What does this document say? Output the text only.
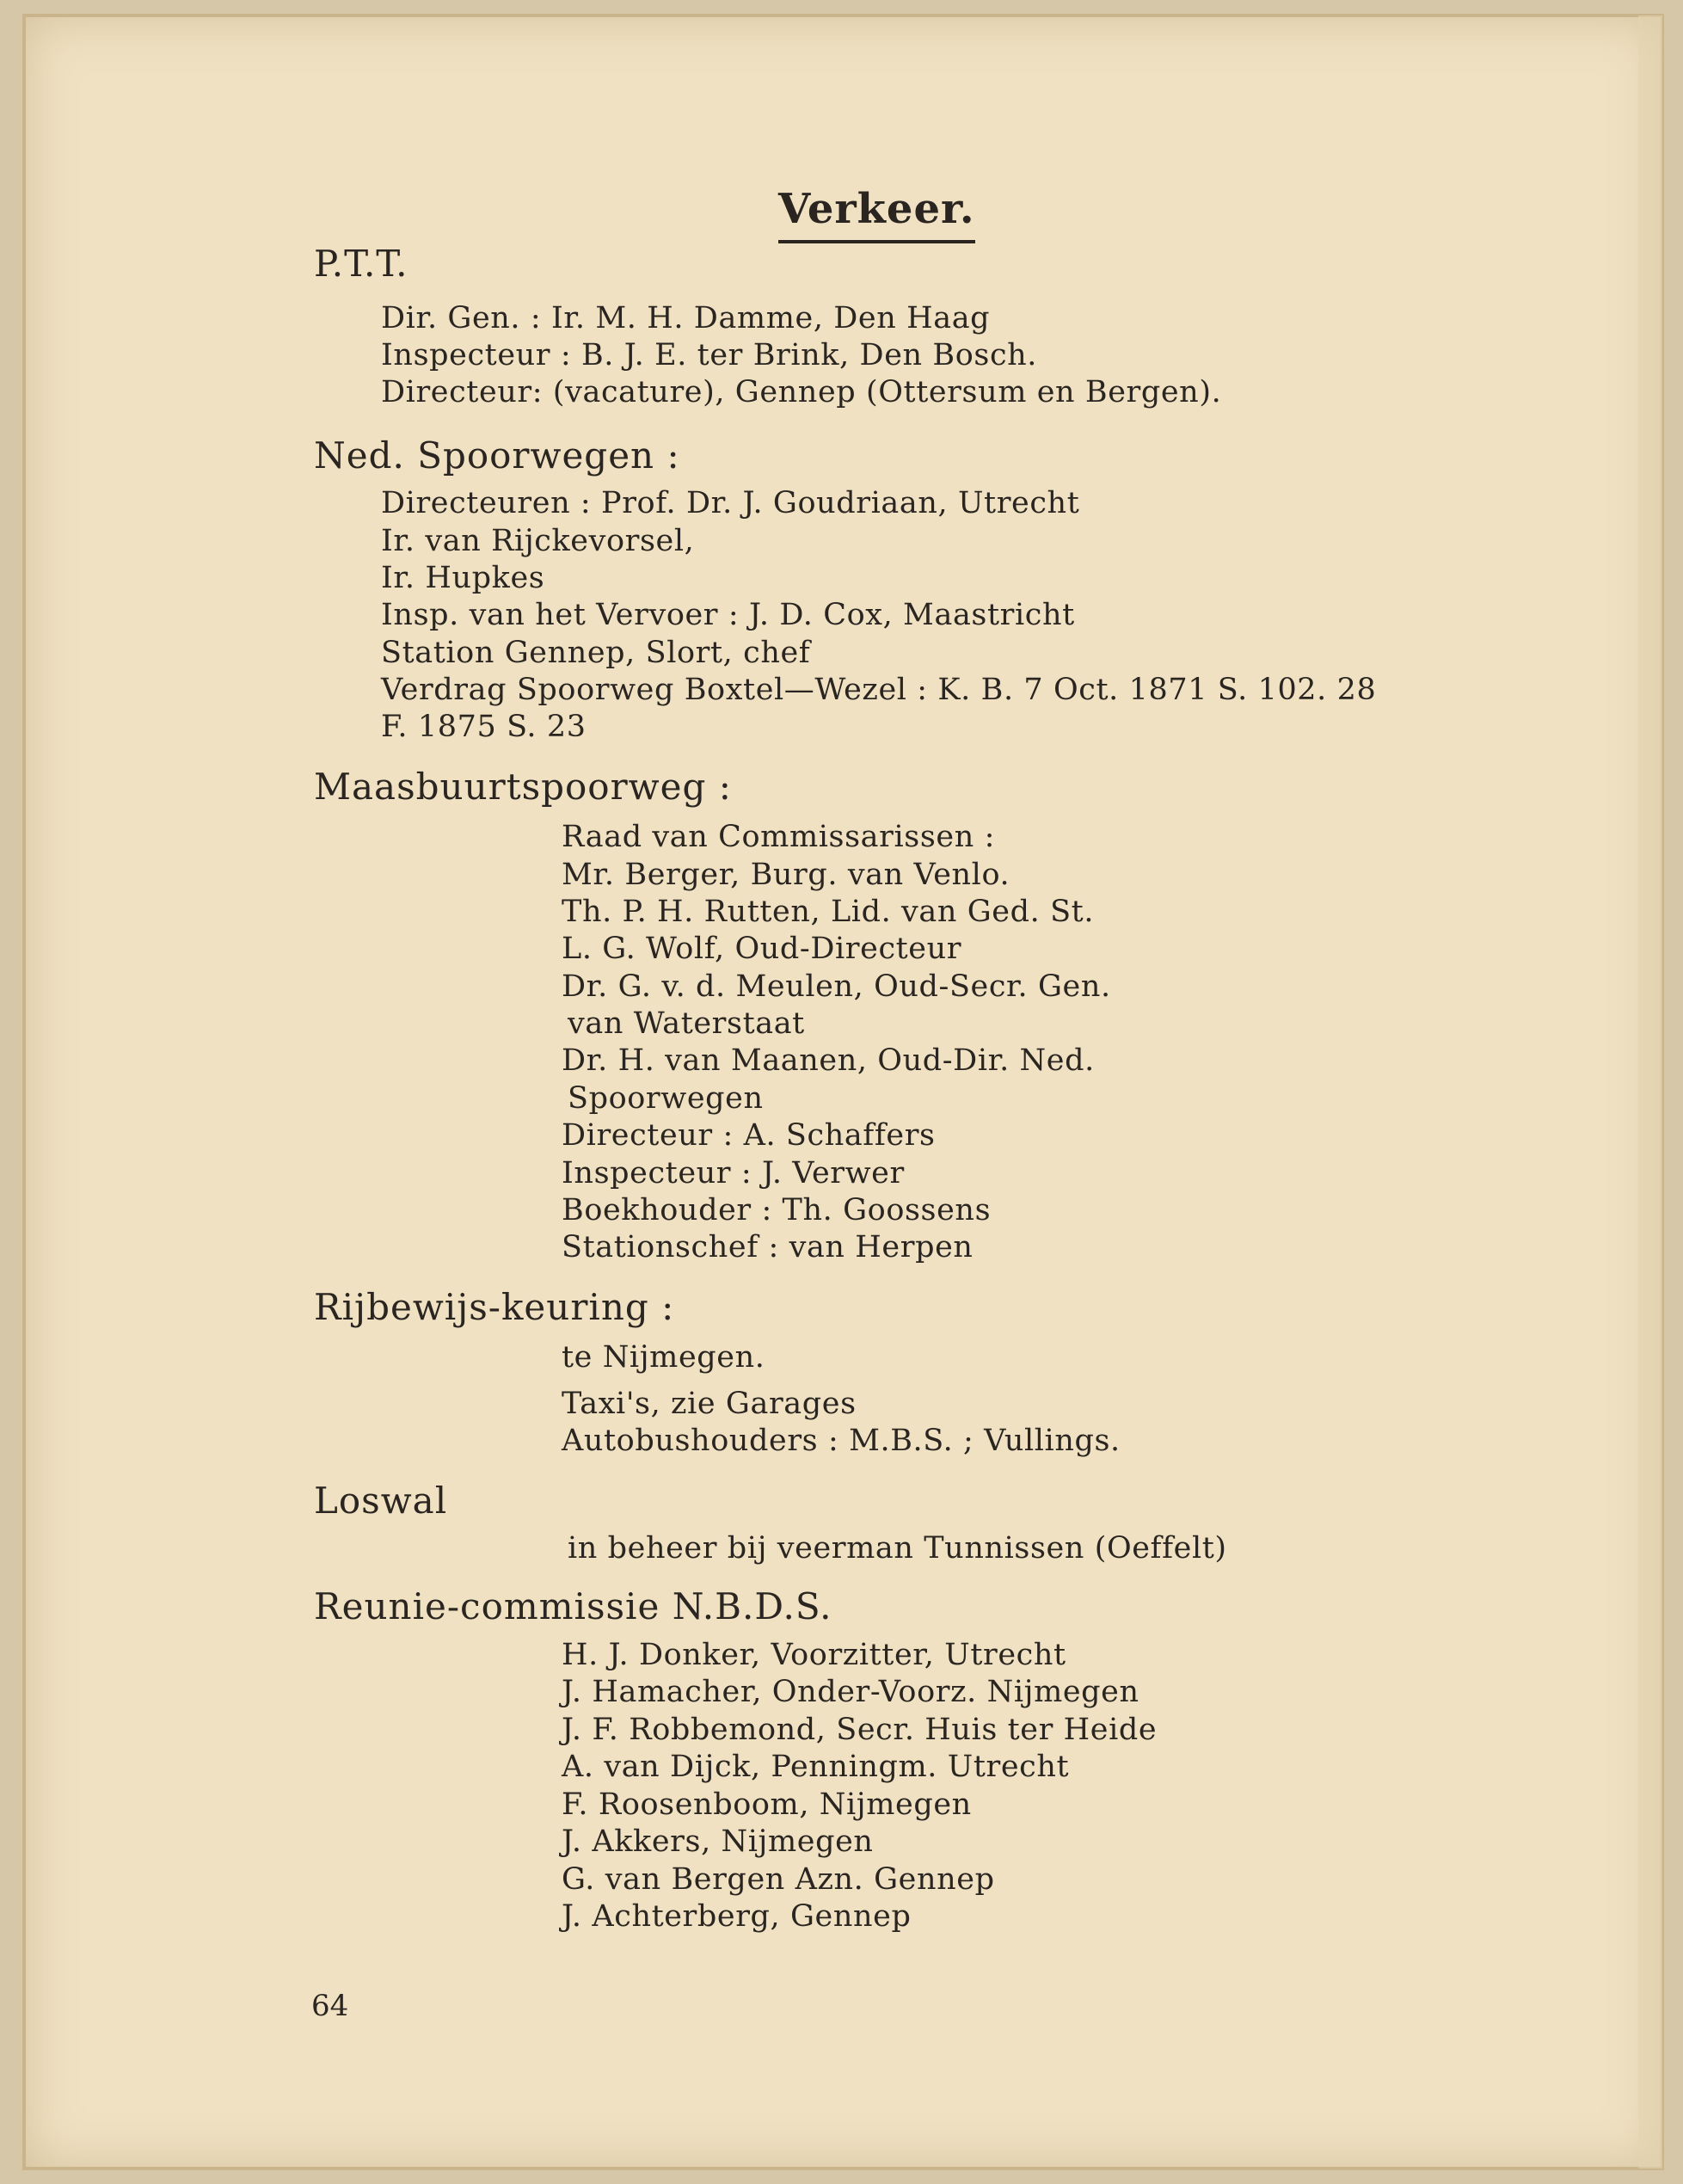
Verkeer.
P.T.T.
Dir. Gen. : Ir. M. H. Damme, Den Haag
Inspecteur : B. J. E. ter Brink, Den Bosch.
Directeur: (vacature), Gennep (Ottersum en Bergen).
Ned. Spoorwegen :
Directeuren : Prof. Dr. J. Goudriaan, Utrecht
Ir. van Rijckevorsel,
Ir. Hupkes
Insp. van het Vervoer : J. D. Cox, Maastricht
Station Gennep, Slort, chef
Verdrag Spoorweg Boxtel—Wezel : K. B. 7 Oct. 1871 S. 102. 28
F. 1875 S. 23
Maasbuurtspoorweg :
Raad van Commissarissen :
Mr. Berger, Burg. van Venlo.
Th. P. H. Rutten, Lid. van Ged. St.
L. G. Wolf, Oud-Directeur
Dr. G. v. d. Meulen, Oud-Secr. Gen.
van Waterstaat
Dr. H. van Maanen, Oud-Dir. Ned.
Spoorwegen
Directeur : A. Schaffers
Inspecteur : J. Verwer
Boekhouder : Th. Goossens
Stationschef : van Herpen
Rijbewijs-keuring :
te Nijmegen.
Taxi's, zie Garages
Autobushouders : M.B.S. ; Vullings.
Loswal
in beheer bij veerman Tunnissen (Oeffelt)
Reunie-commissie N.B.D.S.
H. J. Donker, Voorzitter, Utrecht
J. Hamacher, Onder-Voorz. Nijmegen
J. F. Robbemond, Secr. Huis ter Heide
A. van Dijck, Penningm. Utrecht
F. Roosenboom, Nijmegen
J. Akkers, Nijmegen
G. van Bergen Azn. Gennep
J. Achterberg, Gennep
64
